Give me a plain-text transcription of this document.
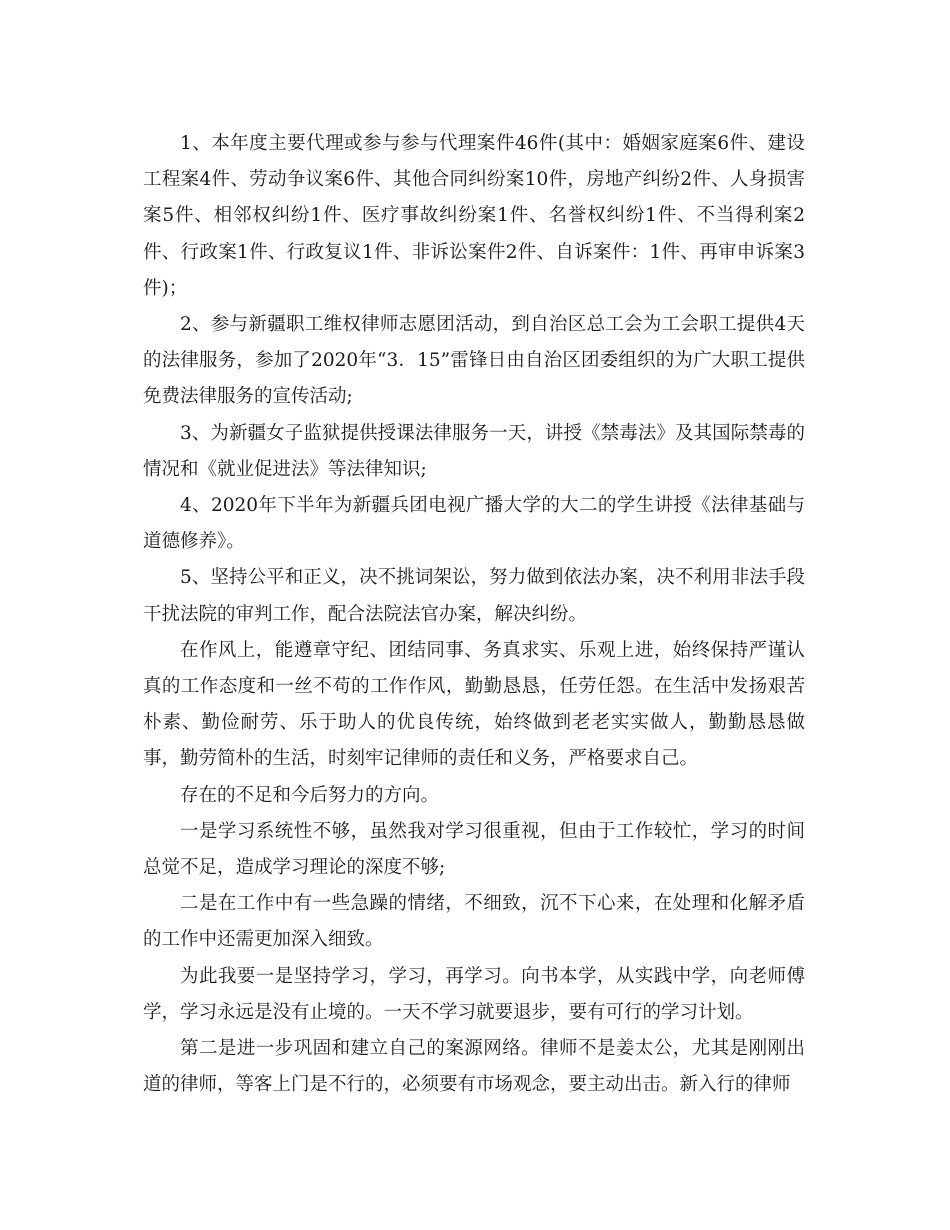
1、本年度主要代理或参与参与代理案件46件(其中：婚姻家庭案6件、建设工程案4件、劳动争议案6件、其他合同纠纷案10件，房地产纠纷2件、人身损害案5件、相邻权纠纷1件、医疗事故纠纷案1件、名誉权纠纷1件、不当得利案2件、行政案1件、行政复议1件、非诉讼案件2件、自诉案件：1件、再审申诉案3件)；

2、参与新疆职工维权律师志愿团活动，到自治区总工会为工会职工提供4天的法律服务，参加了2020年“3．15”雷锋日由自治区团委组织的为广大职工提供免费法律服务的宣传活动;

3、为新疆女子监狱提供授课法律服务一天，讲授《禁毒法》及其国际禁毒的情况和《就业促进法》等法律知识;

4、2020年下半年为新疆兵团电视广播大学的大二的学生讲授《法律基础与道德修养》。

5、坚持公平和正义，决不挑词架讼，努力做到依法办案，决不利用非法手段干扰法院的审判工作，配合法院法官办案，解决纠纷。

在作风上，能遵章守纪、团结同事、务真求实、乐观上进，始终保持严谨认真的工作态度和一丝不苟的工作作风，勤勤恳恳，任劳任怨。在生活中发扬艰苦朴素、勤俭耐劳、乐于助人的优良传统，始终做到老老实实做人，勤勤恳恳做事，勤劳简朴的生活，时刻牢记律师的责任和义务，严格要求自己。

存在的不足和今后努力的方向。

一是学习系统性不够，虽然我对学习很重视，但由于工作较忙，学习的时间总觉不足，造成学习理论的深度不够;

二是在工作中有一些急躁的情绪，不细致，沉不下心来，在处理和化解矛盾的工作中还需更加深入细致。

为此我要一是坚持学习，学习，再学习。向书本学，从实践中学，向老师傅学，学习永远是没有止境的。一天不学习就要退步，要有可行的学习计划。

第二是进一步巩固和建立自己的案源网络。律师不是姜太公，尤其是刚刚出道的律师，等客上门是不行的，必须要有市场观念，要主动出击。新入行的律师
